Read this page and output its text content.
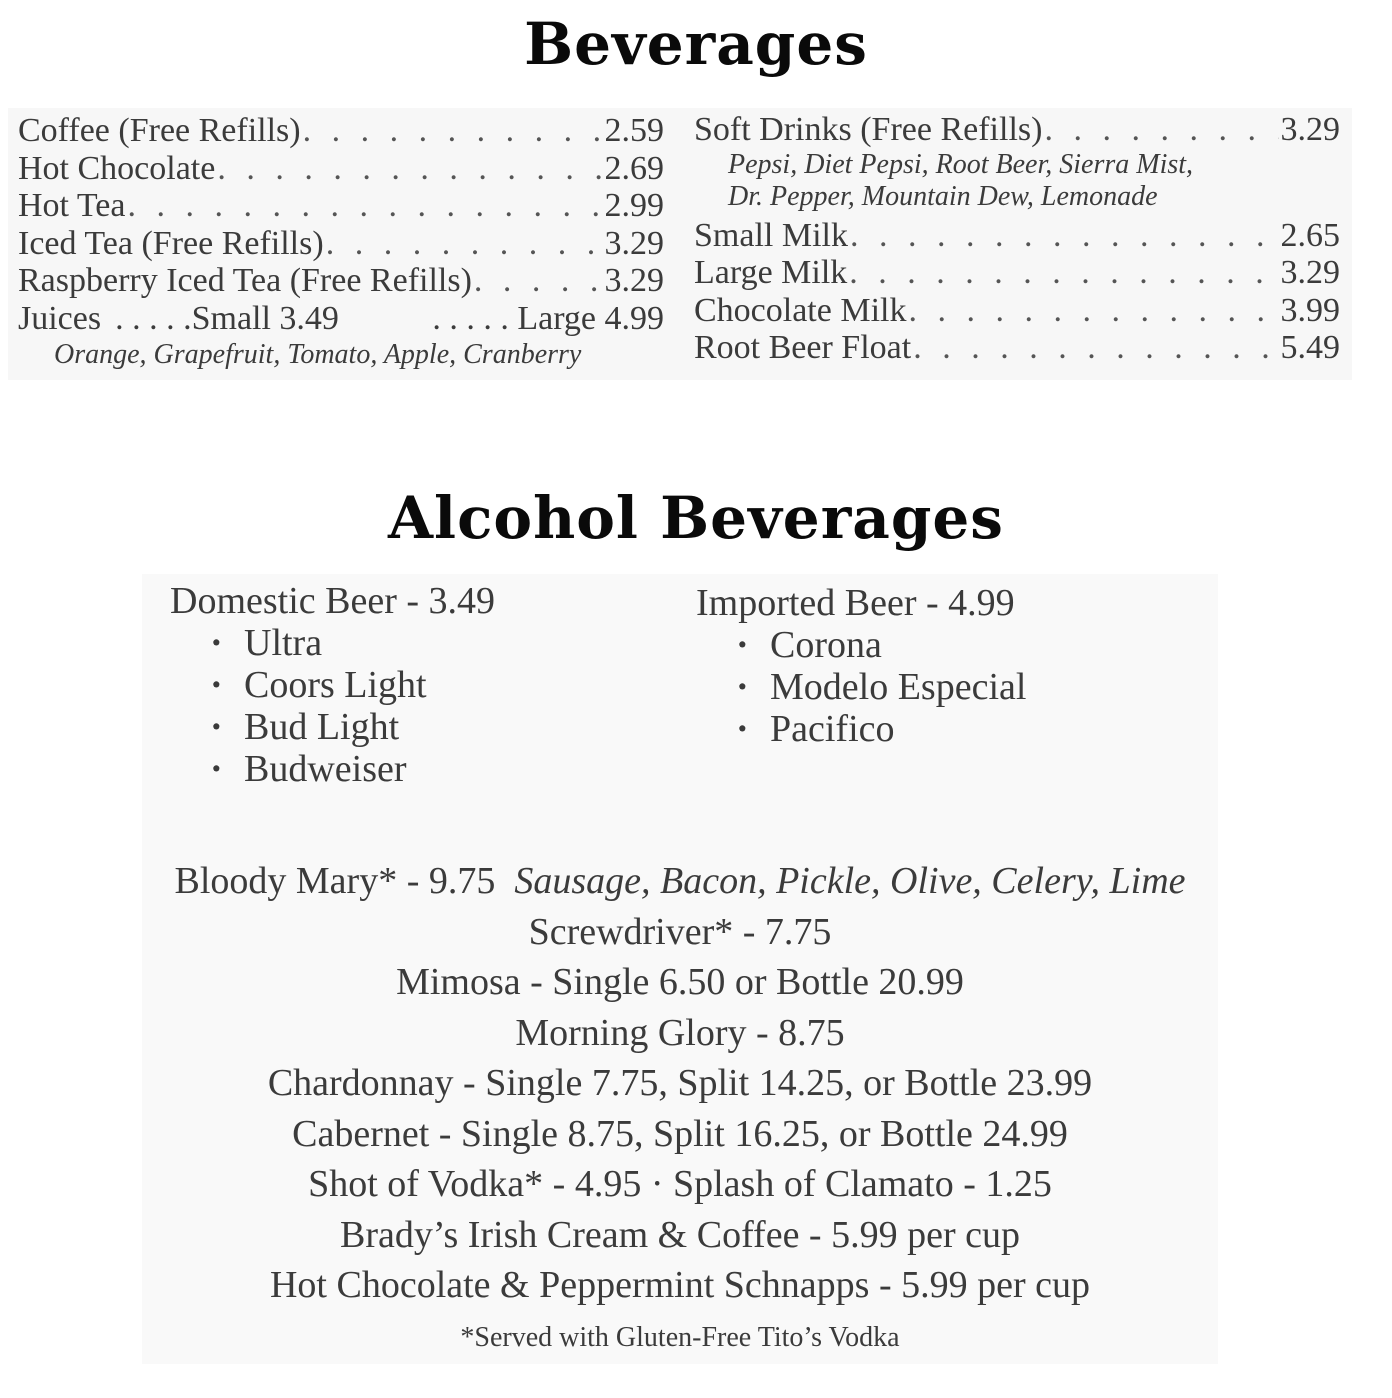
Beverages
Coffee (Free Refills) . . .	2.59
Hot Chocolate . . .	2.69
Hot Tea . . .	2.99
Iced Tea (Free Refills) . . .	3.29
Raspberry Iced Tea (Free Refills) . . .	3.29
Juices . . . . .Small 3.49	. . . . . Large 4.99
Orange, Grapefruit, Tomato, Apple, Cranberry
Soft Drinks (Free Refills) . . .	3.29
Pepsi, Diet Pepsi, Root Beer, Sierra Mist,
Dr. Pepper, Mountain Dew, Lemonade
Small Milk . . .	2.65
Large Milk . . .	3.29
Chocolate Milk . . .	3.99
Root Beer Float . . .	5.49
Alcohol Beverages
Domestic Beer - 3.49
· Ultra
· Coors Light
· Bud Light
· Budweiser
Imported Beer - 4.99
· Corona
· Modelo Especial
· Pacifico
Bloody Mary* - 9.75 Sausage, Bacon, Pickle, Olive, Celery, Lime
Screwdriver* - 7.75
Mimosa - Single 6.50 or Bottle 20.99
Morning Glory - 8.75
Chardonnay - Single 7.75, Split 14.25, or Bottle 23.99
Cabernet - Single 8.75, Split 16.25, or Bottle 24.99
Shot of Vodka* - 4.95 · Splash of Clamato - 1.25
Brady’s Irish Cream & Coffee - 5.99 per cup
Hot Chocolate & Peppermint Schnapps - 5.99 per cup
*Served with Gluten-Free Tito’s Vodka
